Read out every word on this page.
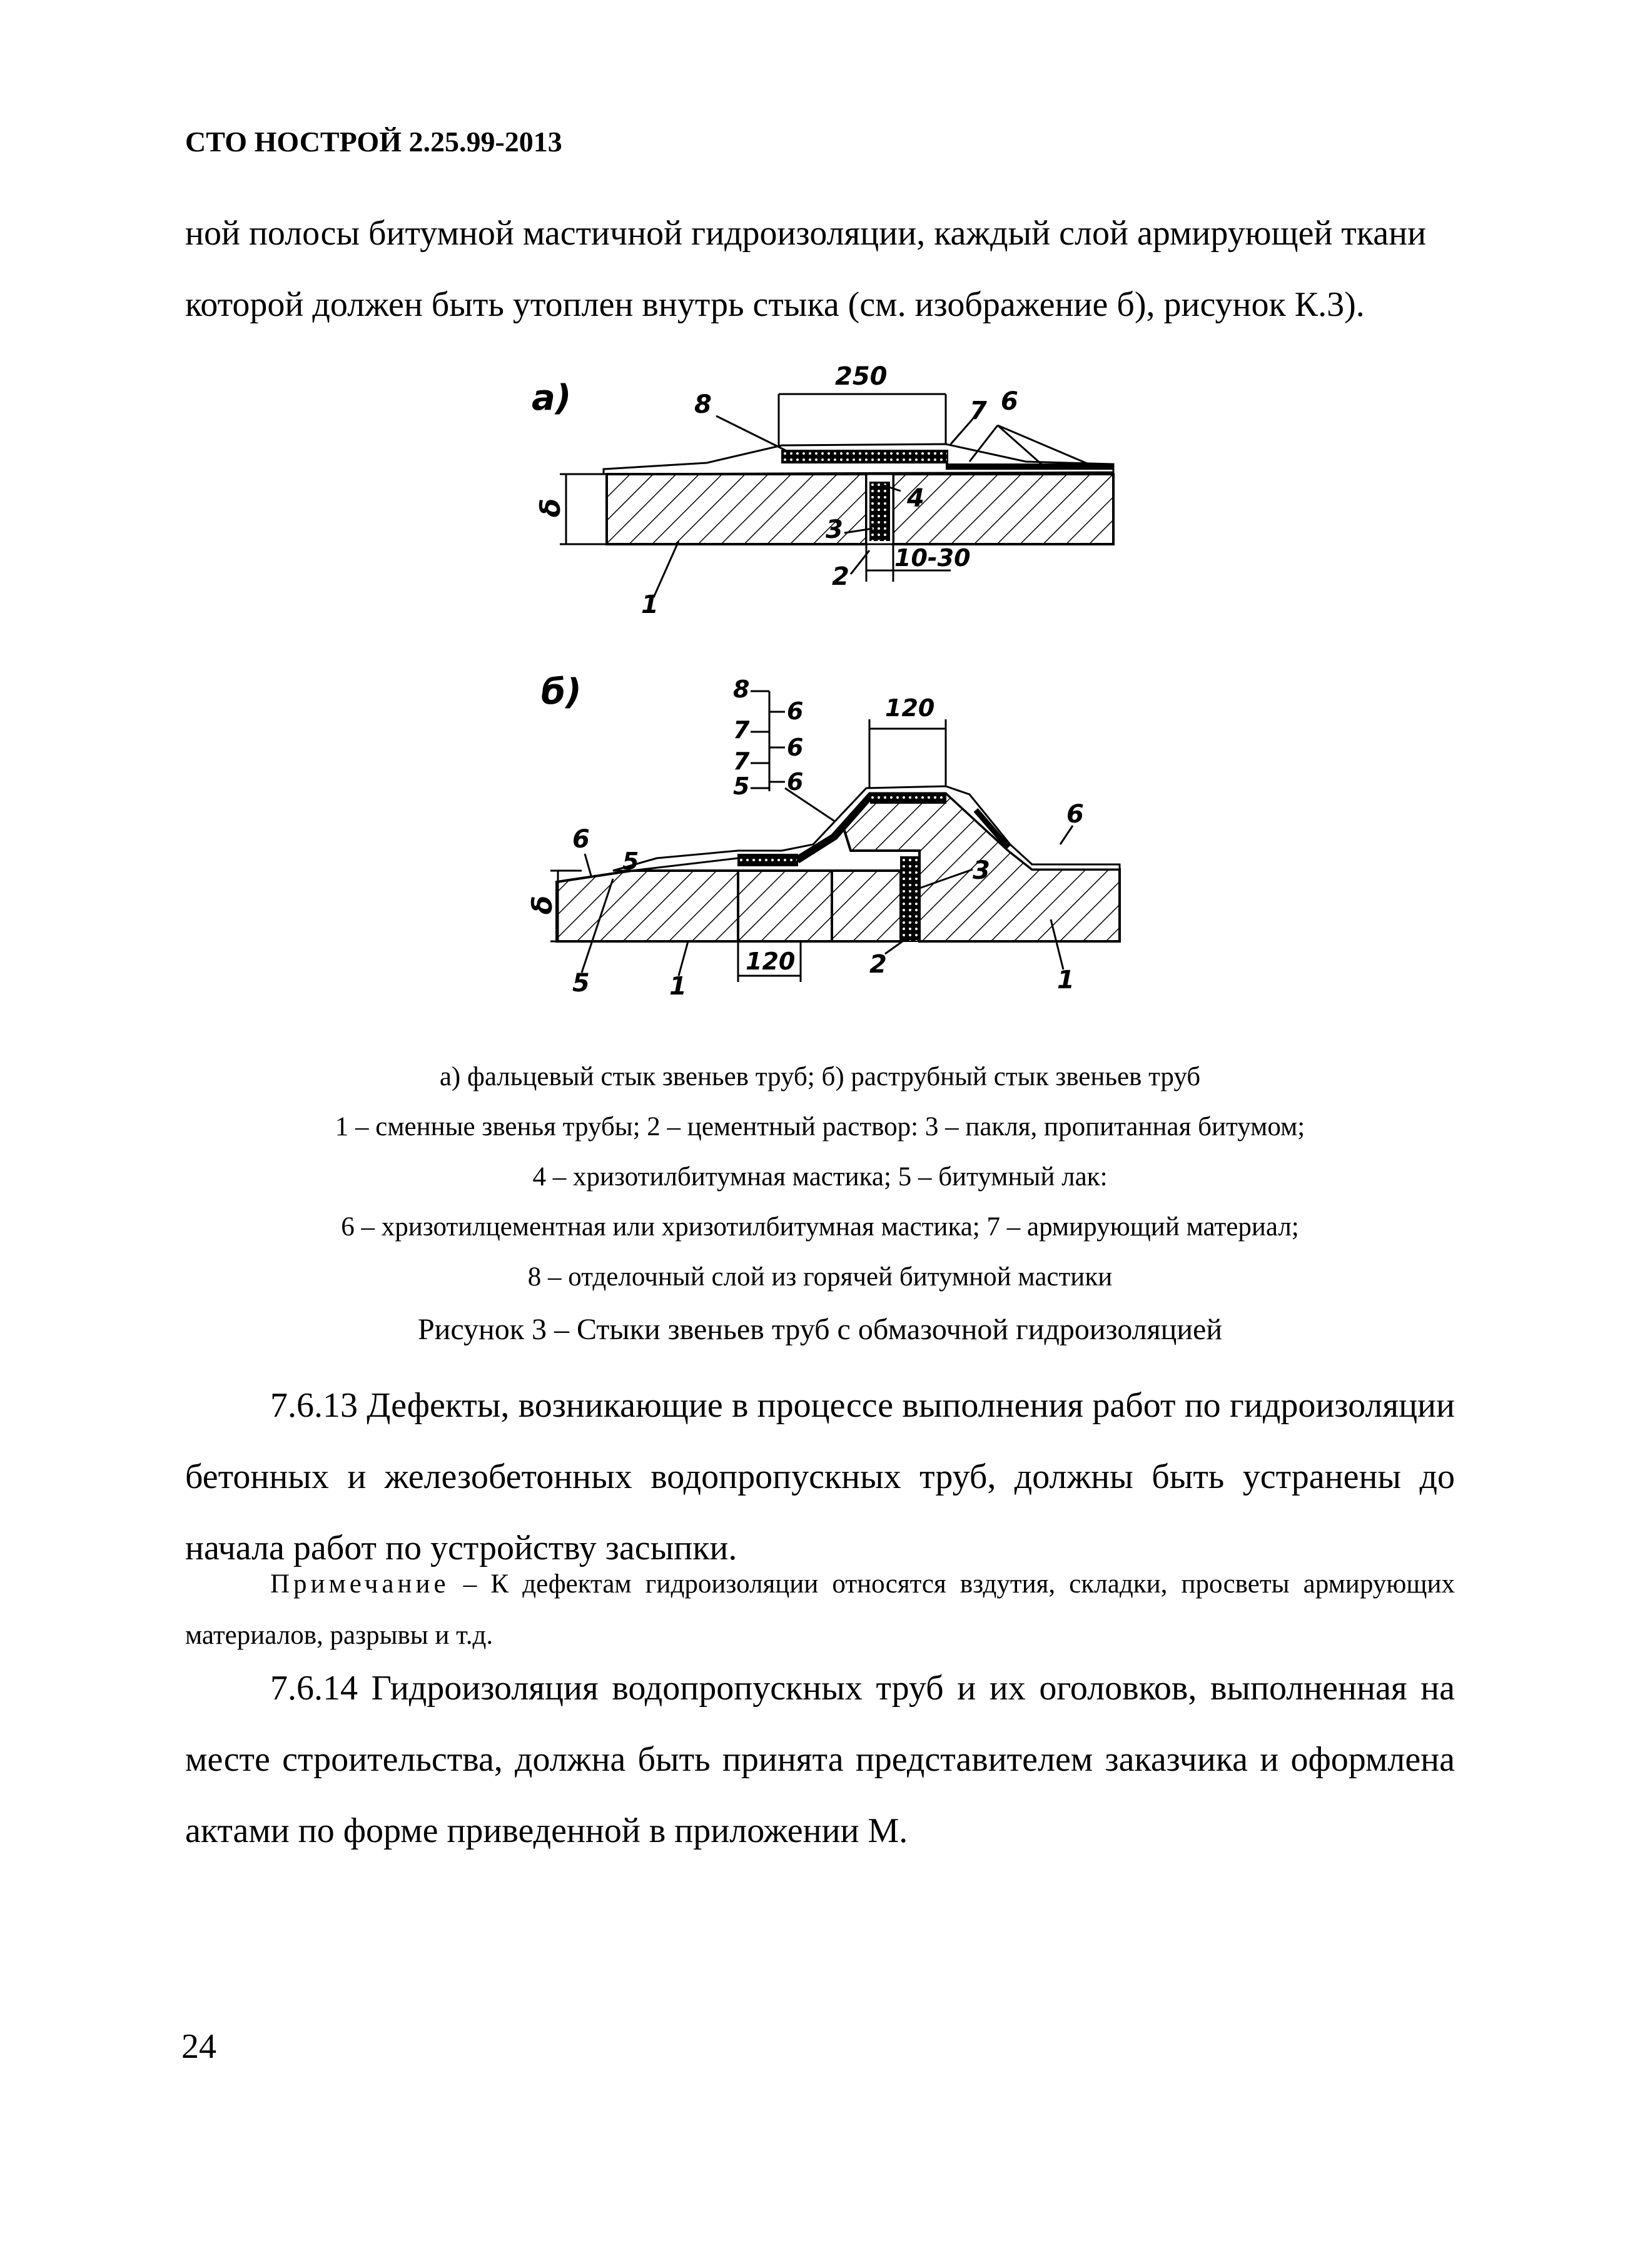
СТО НОСТРОЙ 2.25.99-2013
ной полосы битумной мастичной гидроизоляции, каждый слой армирующей ткани
которой должен быть утоплен внутрь стыка (см. изображение б), рисунок К.3).
а)
250
δ
8	7 6
4
3
10-30
2
1
б)	8
7
7
5
6
6
6
120
δ
120
6
5
5	1	1
2
3
6
а) фальцевый стык звеньев труб; б) раструбный стык звеньев труб
1 – сменные звенья трубы; 2 – цементный раствор: 3 – пакля, пропитанная битумом;
4 – хризотилбитумная мастика; 5 – битумный лак:
6 – хризотилцементная или хризотилбитумная мастика; 7 – армирующий материал;
8 – отделочный слой из горячей битумной мастики
Рисунок 3 – Стыки звеньев труб с обмазочной гидроизоляцией
7.6.13 Дефекты, возникающие в процессе выполнения работ по гидроизоляции бетонных и железобетонных водопропускных труб, должны быть устранены до начала работ по устройству засыпки.
Примечание – К дефектам гидроизоляции относятся вздутия, складки, просветы армирующих материалов, разрывы и т.д.
7.6.14 Гидроизоляция водопропускных труб и их оголовков, выполненная на месте строительства, должна быть принята представителем заказчика и оформлена актами по форме приведенной в приложении М.
24
